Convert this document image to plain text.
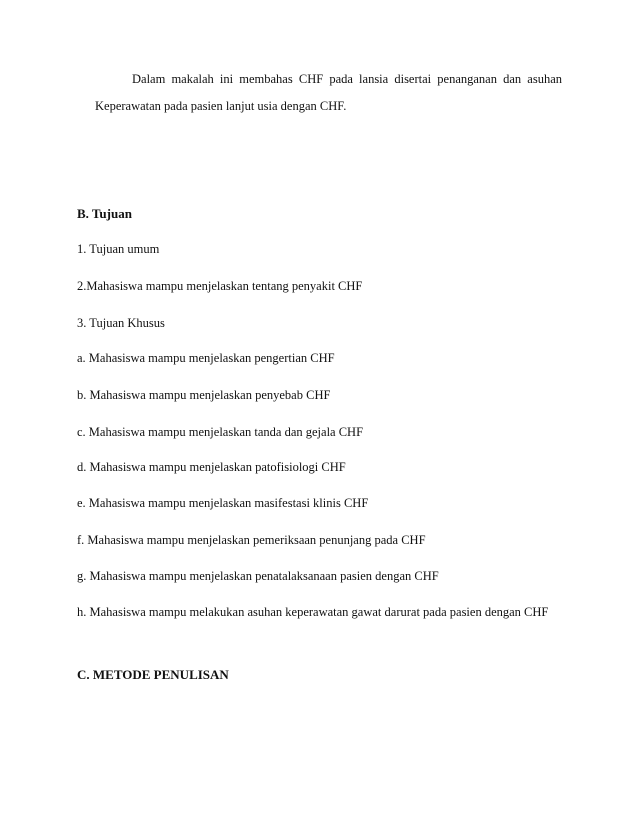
Dalam makalah ini membahas CHF pada lansia disertai penanganan dan asuhan
Keperawatan pada pasien lanjut usia dengan CHF.
B. Tujuan
1. Tujuan umum
2.Mahasiswa mampu menjelaskan tentang penyakit CHF
3. Tujuan Khusus
a. Mahasiswa mampu menjelaskan pengertian CHF
b. Mahasiswa mampu menjelaskan penyebab CHF
c. Mahasiswa mampu menjelaskan tanda dan gejala CHF
d. Mahasiswa mampu menjelaskan patofisiologi CHF
e. Mahasiswa mampu menjelaskan masifestasi klinis CHF
f. Mahasiswa mampu menjelaskan pemeriksaan penunjang pada CHF
g. Mahasiswa mampu menjelaskan penatalaksanaan pasien dengan CHF
h. Mahasiswa mampu melakukan asuhan keperawatan gawat darurat pada pasien dengan CHF
C. METODE PENULISAN
